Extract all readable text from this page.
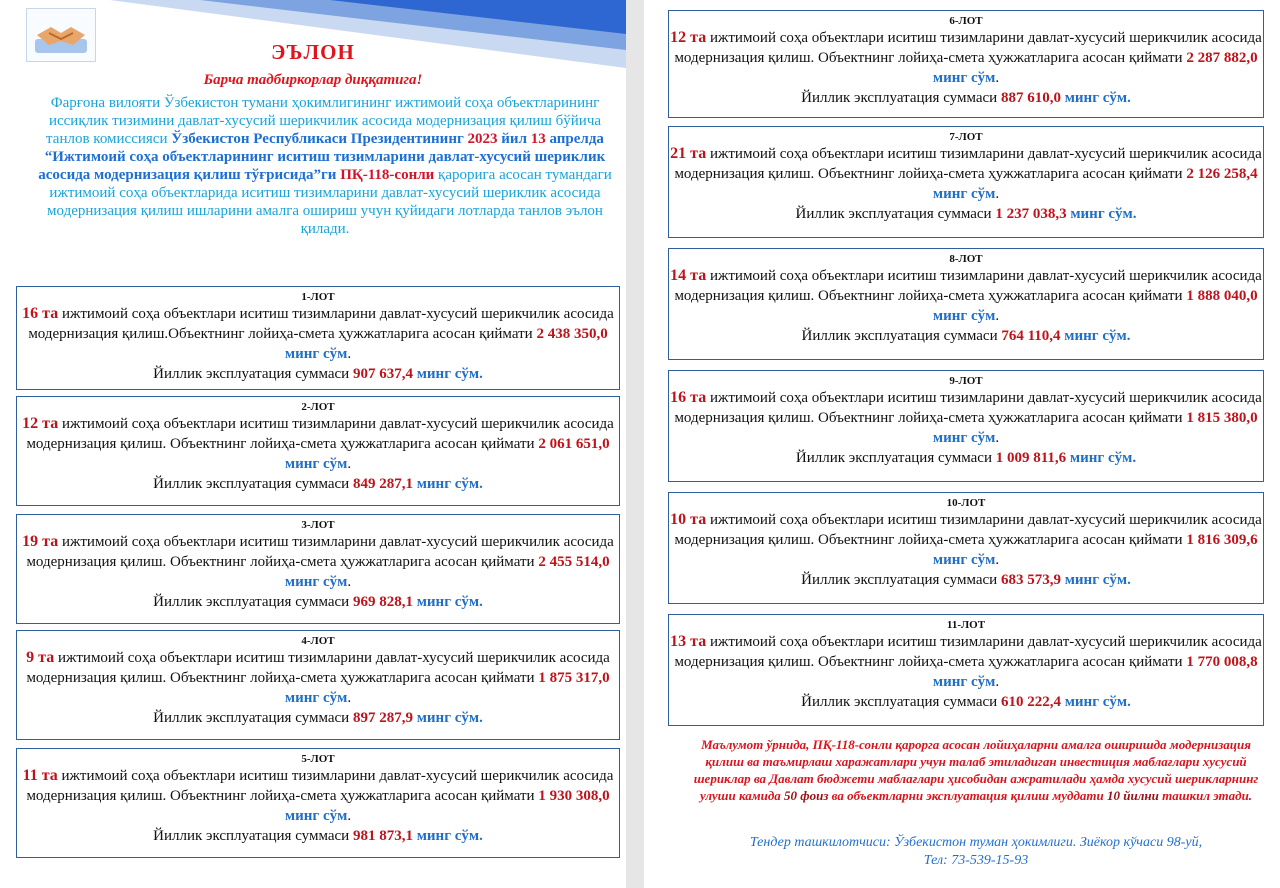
ЭЪЛОН
Барча тадбиркорлар диққатига!
Фарғона вилояти Ўзбекистон тумани ҳокимлигининг ижтимоий соҳа объектларининг иссиқлик тизимини давлат-хусусий шерикчилик асосида модернизация қилиш бўйича танлов комиссияси Ўзбекистон Республикаси Президентининг 2023 йил 13 апрелда “Ижтимоий соҳа объектларининг иситиш тизимларини давлат-хусусий шериклик асосида модернизация қилиш тўғрисида”ги ПҚ-118-сонли қарорига асосан тумандаги ижтимоий соҳа объектларида иситиш тизимларини давлат-хусусий шериклик асосида модернизация қилиш ишларини амалга ошириш учун қуйидаги лотларда танлов эълон қилади.
1-ЛОТ
16 та ижтимоий соҳа объектлари иситиш тизимларини давлат-хусусий шерикчилик асосида модернизация қилиш.Объектнинг лойиҳа-смета ҳужжатларига асосан қиймати 2 438 350,0 минг сўм.
Йиллик эксплуатация суммаси 907 637,4 минг сўм.
2-ЛОТ
12 та ижтимоий соҳа объектлари иситиш тизимларини давлат-хусусий шерикчилик асосида модернизация қилиш. Объектнинг лойиҳа-смета ҳужжатларига асосан қиймати 2 061 651,0 минг сўм.
Йиллик эксплуатация суммаси 849 287,1 минг сўм.
3-ЛОТ
19 та ижтимоий соҳа объектлари иситиш тизимларини давлат-хусусий шерикчилик асосида модернизация қилиш. Объектнинг лойиҳа-смета ҳужжатларига асосан қиймати 2 455 514,0 минг сўм.
Йиллик эксплуатация суммаси 969 828,1 минг сўм.
4-ЛОТ
9 та ижтимоий соҳа объектлари иситиш тизимларини давлат-хусусий шерикчилик асосида модернизация қилиш. Объектнинг лойиҳа-смета ҳужжатларига асосан қиймати 1 875 317,0 минг сўм.
Йиллик эксплуатация суммаси 897 287,9 минг сўм.
5-ЛОТ
11 та ижтимоий соҳа объектлари иситиш тизимларини давлат-хусусий шерикчилик асосида модернизация қилиш. Объектнинг лойиҳа-смета ҳужжатларига асосан қиймати 1 930 308,0 минг сўм.
Йиллик эксплуатация суммаси 981 873,1 минг сўм.
6-ЛОТ
12 та ижтимоий соҳа объектлари иситиш тизимларини давлат-хусусий шерикчилик асосида модернизация қилиш. Объектнинг лойиҳа-смета ҳужжатларига асосан қиймати 2 287 882,0 минг сўм.
Йиллик эксплуатация суммаси 887 610,0 минг сўм.
7-ЛОТ
21 та ижтимоий соҳа объектлари иситиш тизимларини давлат-хусусий шерикчилик асосида модернизация қилиш. Объектнинг лойиҳа-смета ҳужжатларига асосан қиймати 2 126 258,4 минг сўм.
Йиллик эксплуатация суммаси 1 237 038,3 минг сўм.
8-ЛОТ
14 та ижтимоий соҳа объектлари иситиш тизимларини давлат-хусусий шерикчилик асосида модернизация қилиш. Объектнинг лойиҳа-смета ҳужжатларига асосан қиймати 1 888 040,0 минг сўм.
Йиллик эксплуатация суммаси 764 110,4 минг сўм.
9-ЛОТ
16 та ижтимоий соҳа объектлари иситиш тизимларини давлат-хусусий шерикчилик асосида модернизация қилиш. Объектнинг лойиҳа-смета ҳужжатларига асосан қиймати 1 815 380,0 минг сўм.
Йиллик эксплуатация суммаси 1 009 811,6 минг сўм.
10-ЛОТ
10 та ижтимоий соҳа объектлари иситиш тизимларини давлат-хусусий шерикчилик асосида модернизация қилиш. Объектнинг лойиҳа-смета ҳужжатларига асосан қиймати 1 816 309,6 минг сўм.
Йиллик эксплуатация суммаси 683 573,9 минг сўм.
11-ЛОТ
13 та ижтимоий соҳа объектлари иситиш тизимларини давлат-хусусий шерикчилик асосида модернизация қилиш. Объектнинг лойиҳа-смета ҳужжатларига асосан қиймати 1 770 008,8 минг сўм.
Йиллик эксплуатация суммаси 610 222,4 минг сўм.
Маълумот ўрнида, ПҚ-118-сонли қарорга асосан лойиҳаларни амалга оширишда модернизация қилиш ва таъмирлаш харажатлари учун талаб этиладиган инвестиция маблағлари хусусий шериклар ва Давлат бюджети маблағлари ҳисобидан ажратилади ҳамда хусусий шерикларнинг улуши камида 50 фоиз ва объектларни эксплуатация қилиш муддати 10 йилни ташкил этади.
Тендер ташкилотчиси: Ўзбекистон туман ҳокимлиги. Зиёкор кўчаси 98-уй,
Тел: 73-539-15-93
